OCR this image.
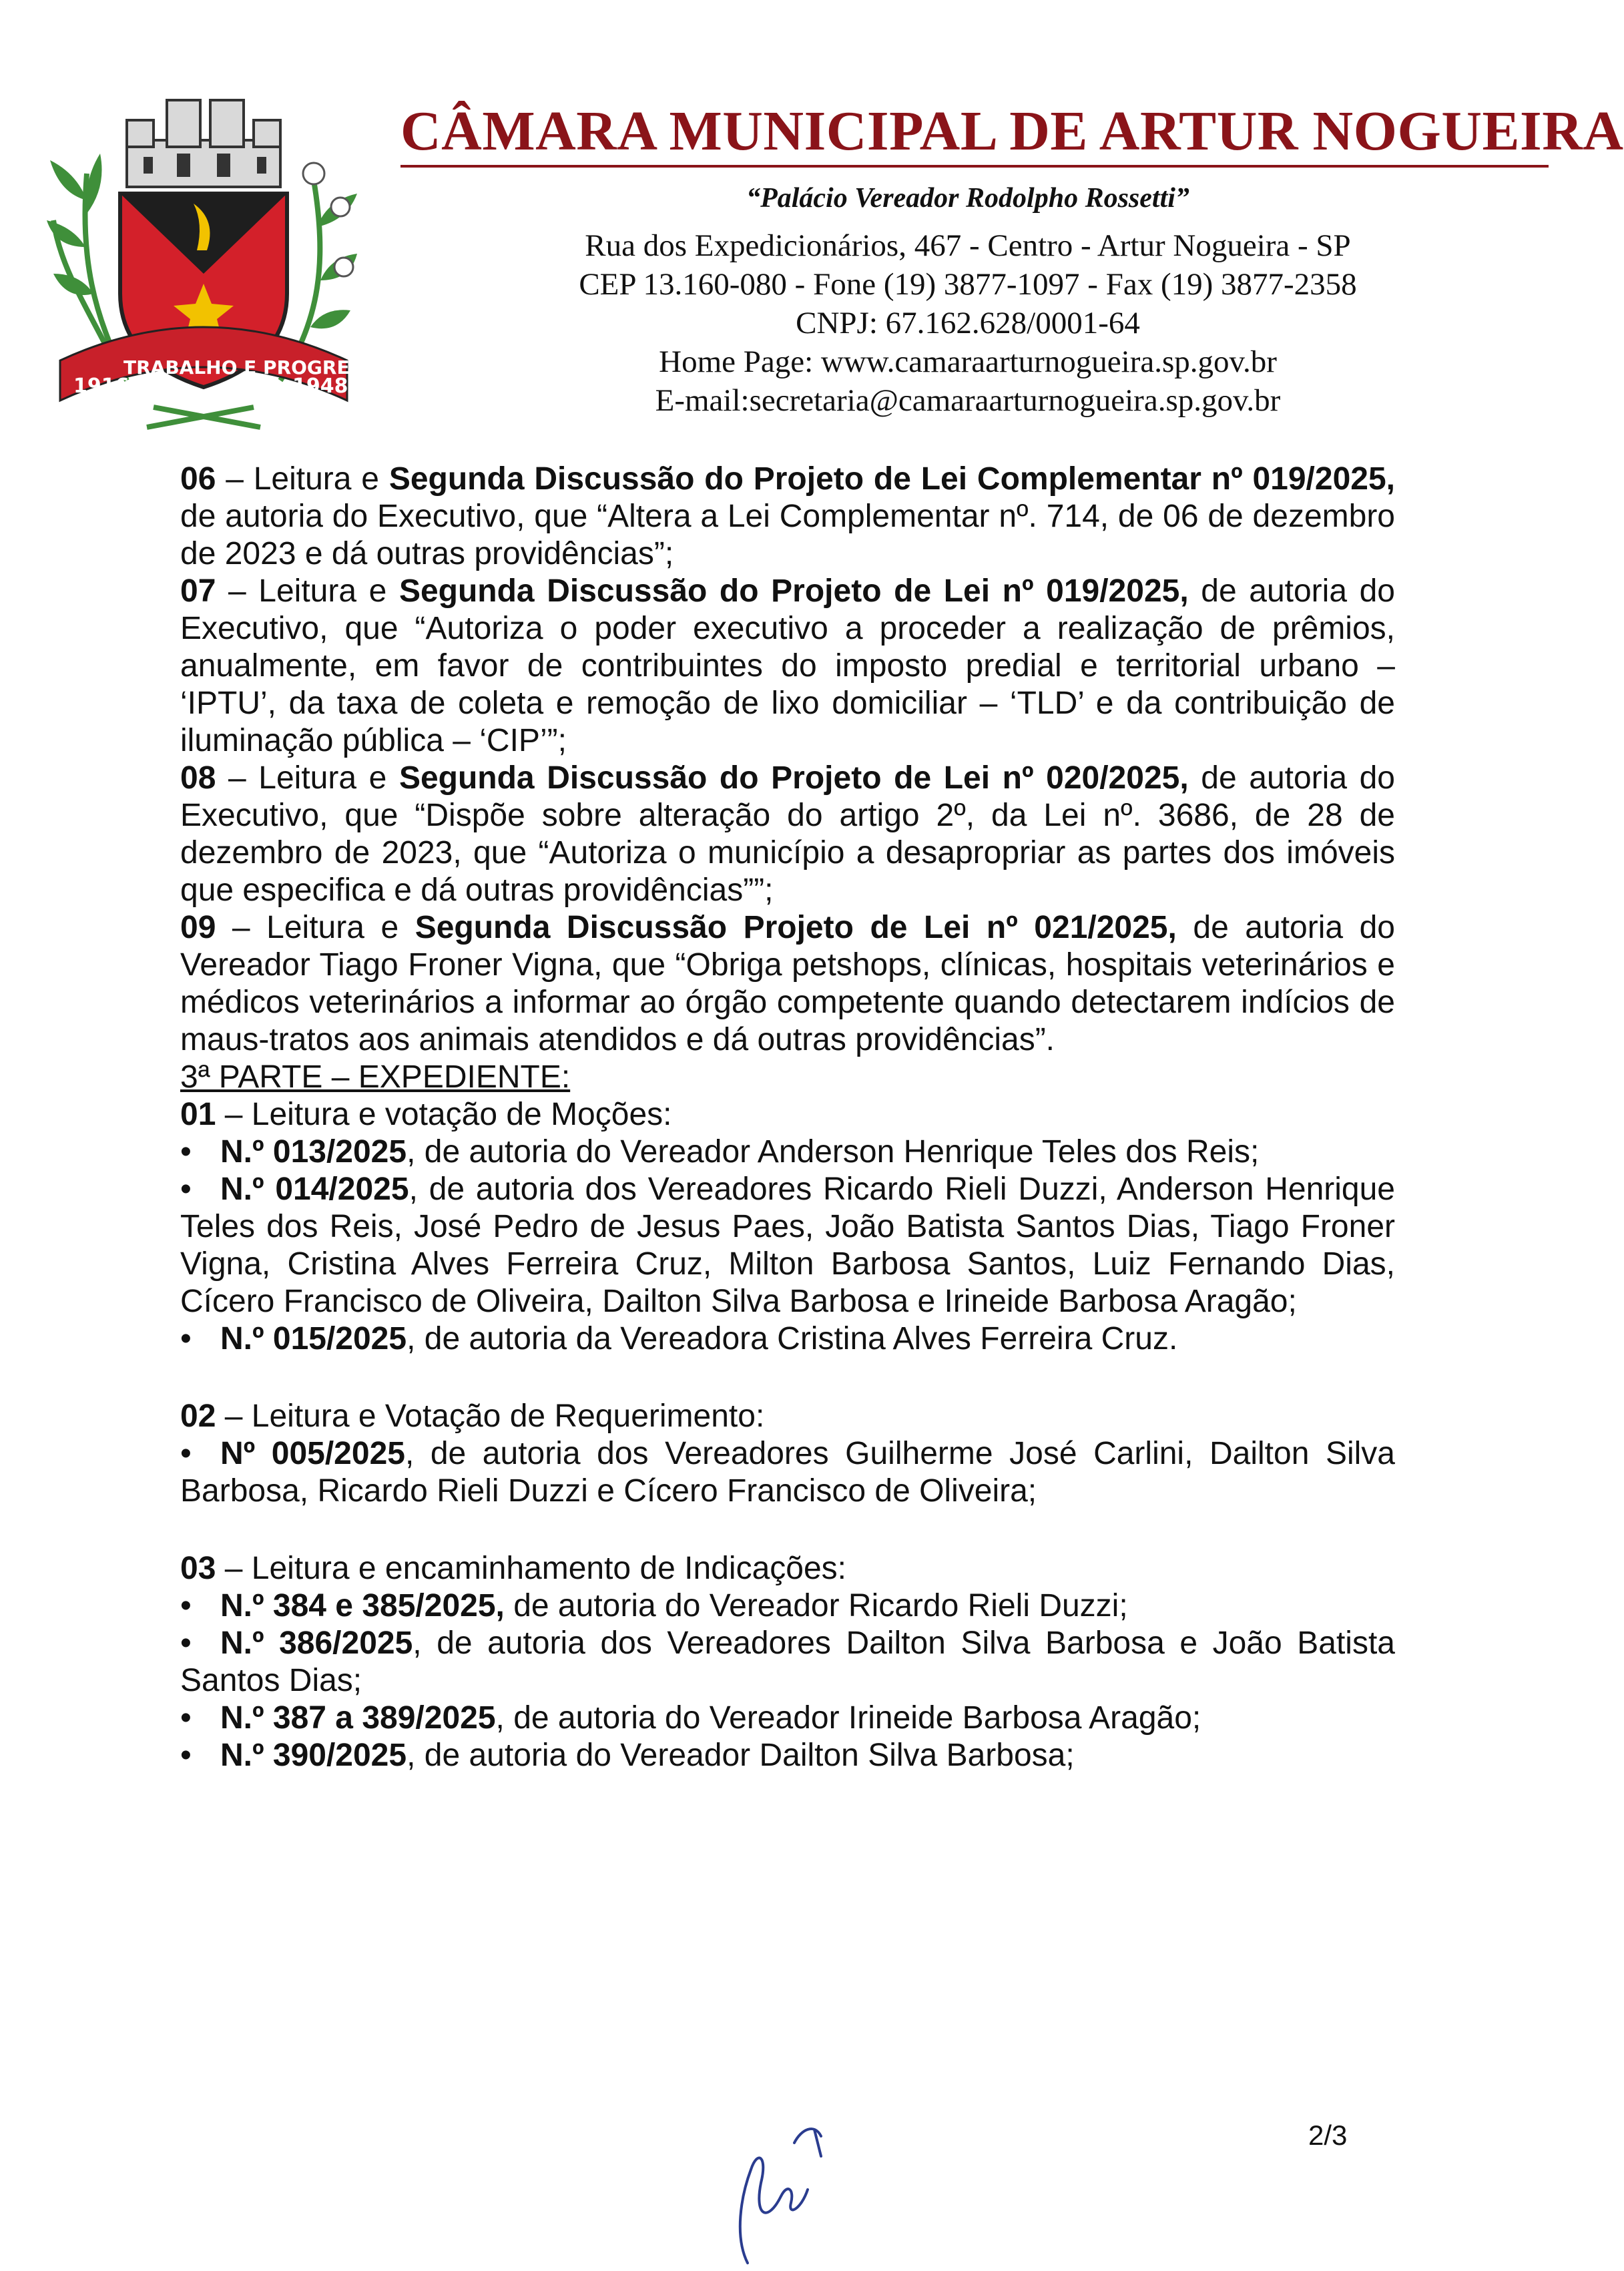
1916
TRABALHO E PROGRESSO
1948
CÂMARA MUNICIPAL DE ARTUR NOGUEIRA
“Palácio Vereador Rodolpho Rossetti”
Rua dos Expedicionários, 467 - Centro - Artur Nogueira - SP
CEP 13.160-080 - Fone (19) 3877-1097 - Fax (19) 3877-2358
CNPJ: 67.162.628/0001-64
Home Page: www.camaraarturnogueira.sp.gov.br
E-mail:secretaria@camaraarturnogueira.sp.gov.br

06 – Leitura e Segunda Discussão do Projeto de Lei Complementar nº 019/2025, de autoria do Executivo, que “Altera a Lei Complementar nº. 714, de 06 de dezembro de 2023 e dá outras providências”;

07 – Leitura e Segunda Discussão do Projeto de Lei nº 019/2025, de autoria do Executivo, que “Autoriza o poder executivo a proceder a realização de prêmios, anualmente, em favor de contribuintes do imposto predial e territorial urbano – ‘IPTU’, da taxa de coleta e remoção de lixo domiciliar – ‘TLD’ e da contribuição de iluminação pública – ‘CIP’”;

08 – Leitura e Segunda Discussão do Projeto de Lei nº 020/2025, de autoria do Executivo, que “Dispõe sobre alteração do artigo 2º, da Lei nº. 3686, de 28 de dezembro de 2023, que “Autoriza o município a desapropriar as partes dos imóveis que especifica e dá outras providências””;

09 – Leitura e Segunda Discussão Projeto de Lei nº 021/2025, de autoria do Vereador Tiago Froner Vigna, que “Obriga petshops, clínicas, hospitais veterinários e médicos veterinários a informar ao órgão competente quando detectarem indícios de maus-tratos aos animais atendidos e dá outras providências”.

3ª PARTE – EXPEDIENTE:

01 – Leitura e votação de Moções:

• N.º 013/2025, de autoria do Vereador Anderson Henrique Teles dos Reis;
• N.º 014/2025, de autoria dos Vereadores Ricardo Rieli Duzzi, Anderson Henrique Teles dos Reis, José Pedro de Jesus Paes, João Batista Santos Dias, Tiago Froner Vigna, Cristina Alves Ferreira Cruz, Milton Barbosa Santos, Luiz Fernando Dias, Cícero Francisco de Oliveira, Dailton Silva Barbosa e Irineide Barbosa Aragão;
• N.º 015/2025, de autoria da Vereadora Cristina Alves Ferreira Cruz.

02 – Leitura e Votação de Requerimento:

• Nº 005/2025, de autoria dos Vereadores Guilherme José Carlini, Dailton Silva Barbosa, Ricardo Rieli Duzzi e Cícero Francisco de Oliveira;

03 – Leitura e encaminhamento de Indicações:

• N.º 384 e 385/2025, de autoria do Vereador Ricardo Rieli Duzzi;
• N.º 386/2025, de autoria dos Vereadores Dailton Silva Barbosa e João Batista Santos Dias;
• N.º 387 a 389/2025, de autoria do Vereador Irineide Barbosa Aragão;
• N.º 390/2025, de autoria do Vereador Dailton Silva Barbosa;
2/3
